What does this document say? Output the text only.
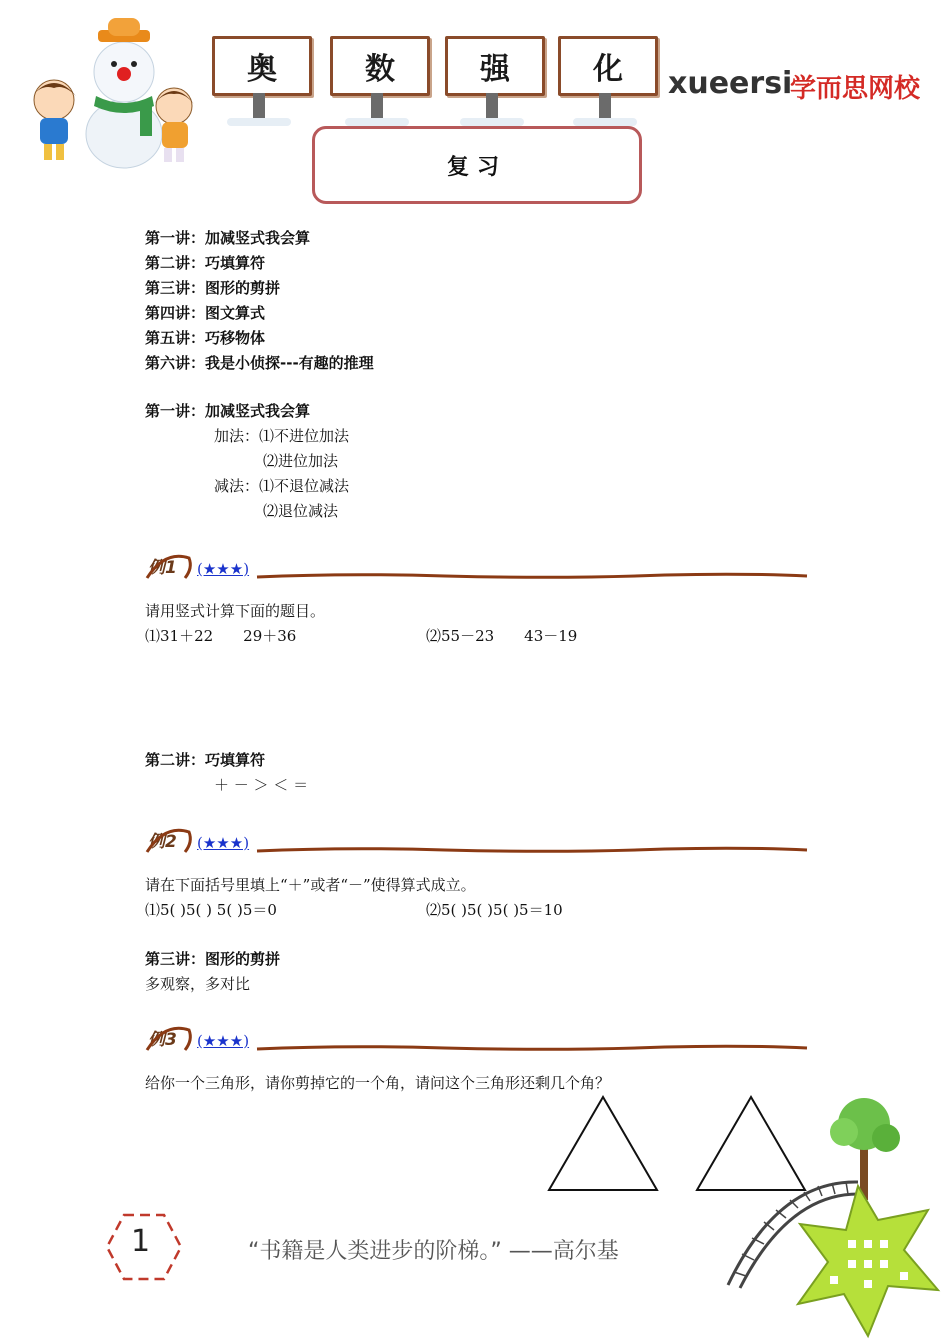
奥	数	强	化	xueersi
学而思网校
复习
第一讲：加减竖式我会算
第二讲：巧填算符
第三讲：图形的剪拼
第四讲：图文算式
第五讲：巧移物体
第六讲：我是小侦探---有趣的推理
第一讲：加减竖式我会算
加法：⑴不进位加法
⑵进位加法
减法：⑴不退位减法
⑵退位减法
例1 (★★★)
请用竖式计算下面的题目。
⑴31＋22　　29＋36	⑵55－23　　43－19
第二讲：巧填算符
＋ － ＞ ＜ ＝
例2 (★★★)
请在下面括号里填上“＋”或者“－”使得算式成立。
⑴5( )5( ) 5( )5＝0	⑵5( )5( )5( )5＝10
第三讲：图形的剪拼
多观察，多对比
例3 (★★★)
给你一个三角形，请你剪掉它的一个角，请问这个三角形还剩几个角？
1	“书籍是人类进步的阶梯。” ——高尔基
